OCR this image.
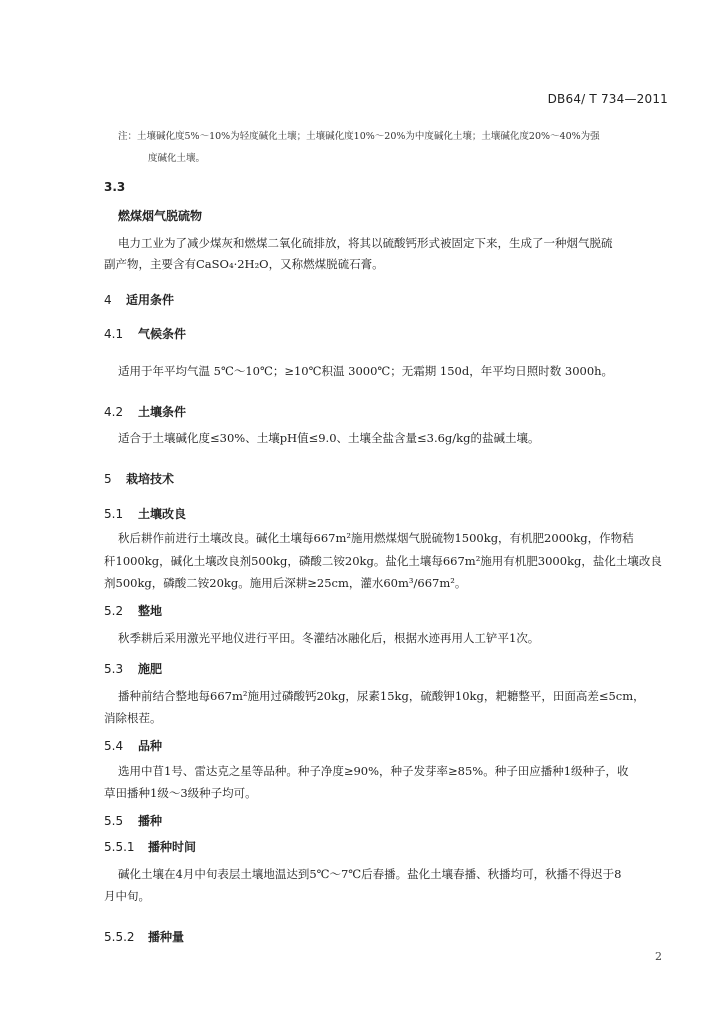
DB64/ T 734—2011
注：土壤碱化度5%～10%为轻度碱化土壤；土壤碱化度10%～20%为中度碱化土壤；土壤碱化度20%～40%为强
度碱化土壤。
3.3
燃煤烟气脱硫物
电力工业为了减少煤灰和燃煤二氧化硫排放，将其以硫酸钙形式被固定下来，生成了一种烟气脱硫
副产物，主要含有CaSO₄·2H₂O，又称燃煤脱硫石膏。
4 适用条件
4.1 气候条件
适用于年平均气温 5℃～10℃；≥10℃积温 3000℃；无霜期 150d，年平均日照时数 3000h。
4.2 土壤条件
适合于土壤碱化度≤30%、土壤pH值≤9.0、土壤全盐含量≤3.6g/kg的盐碱土壤。
5 栽培技术
5.1 土壤改良
秋后耕作前进行土壤改良。碱化土壤每667m²施用燃煤烟气脱硫物1500kg，有机肥2000kg，作物秸
秆1000kg，碱化土壤改良剂500kg，磷酸二铵20kg。盐化土壤每667m²施用有机肥3000kg，盐化土壤改良
剂500kg，磷酸二铵20kg。施用后深耕≥25cm，灌水60m³/667m²。
5.2 整地
秋季耕后采用激光平地仪进行平田。冬灌结冰融化后，根据水迹再用人工铲平1次。
5.3 施肥
播种前结合整地每667m²施用过磷酸钙20kg，尿素15kg，硫酸钾10kg，耙耱整平，田面高差≤5cm，
消除根茬。
5.4 品种
选用中苜1号、雷达克之星等品种。种子净度≥90%，种子发芽率≥85%。种子田应播种1级种子，收
草田播种1级～3级种子均可。
5.5 播种
5.5.1 播种时间
碱化土壤在4月中旬表层土壤地温达到5℃～7℃后春播。盐化土壤春播、秋播均可，秋播不得迟于8
月中旬。
5.5.2 播种量
2
